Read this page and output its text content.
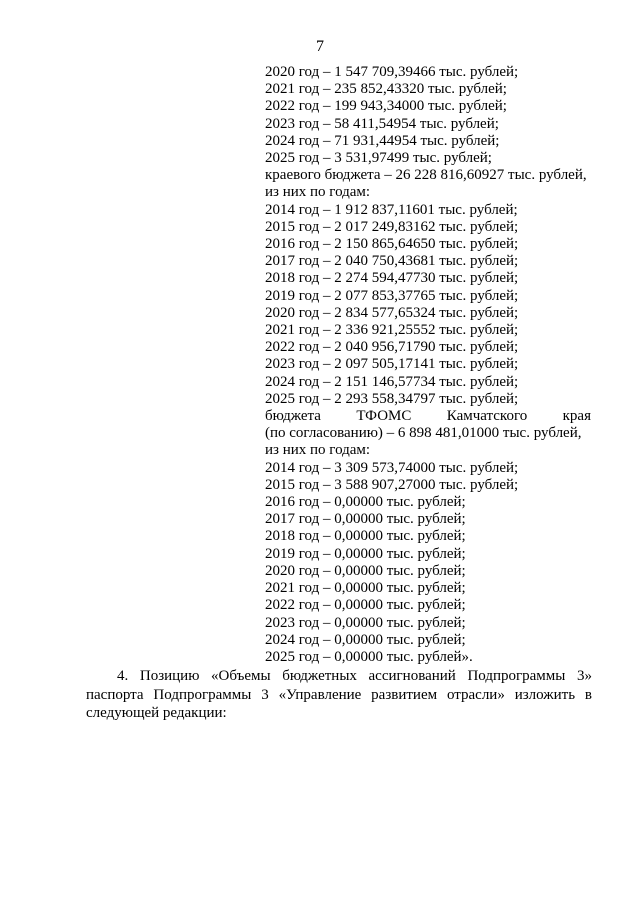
7
2020 год – 1 547 709,39466 тыс. рублей;
2021 год – 235 852,43320 тыс. рублей;
2022 год – 199 943,34000 тыс. рублей;
2023 год – 58 411,54954 тыс. рублей;
2024 год – 71 931,44954 тыс. рублей;
2025 год – 3 531,97499 тыс. рублей;
краевого бюджета – 26 228 816,60927 тыс. рублей,
из них по годам:
2014 год – 1 912 837,11601 тыс. рублей;
2015 год – 2 017 249,83162 тыс. рублей;
2016 год – 2 150 865,64650 тыс. рублей;
2017 год – 2 040 750,43681 тыс. рублей;
2018 год – 2 274 594,47730 тыс. рублей;
2019 год – 2 077 853,37765 тыс. рублей;
2020 год – 2 834 577,65324 тыс. рублей;
2021 год – 2 336 921,25552 тыс. рублей;
2022 год – 2 040 956,71790 тыс. рублей;
2023 год – 2 097 505,17141 тыс. рублей;
2024 год – 2 151 146,57734 тыс. рублей;
2025 год – 2 293 558,34797 тыс. рублей;
бюджета ТФОМС Камчатского края
(по согласованию) – 6 898 481,01000 тыс. рублей,
из них по годам:
2014 год – 3 309 573,74000 тыс. рублей;
2015 год – 3 588 907,27000 тыс. рублей;
2016 год – 0,00000 тыс. рублей;
2017 год – 0,00000 тыс. рублей;
2018 год – 0,00000 тыс. рублей;
2019 год – 0,00000 тыс. рублей;
2020 год – 0,00000 тыс. рублей;
2021 год – 0,00000 тыс. рублей;
2022 год – 0,00000 тыс. рублей;
2023 год – 0,00000 тыс. рублей;
2024 год – 0,00000 тыс. рублей;
2025 год – 0,00000 тыс. рублей».
4. Позицию «Объемы бюджетных ассигнований Подпрограммы 3»
паспорта Подпрограммы 3 «Управление развитием отрасли» изложить в следующей редакции:
